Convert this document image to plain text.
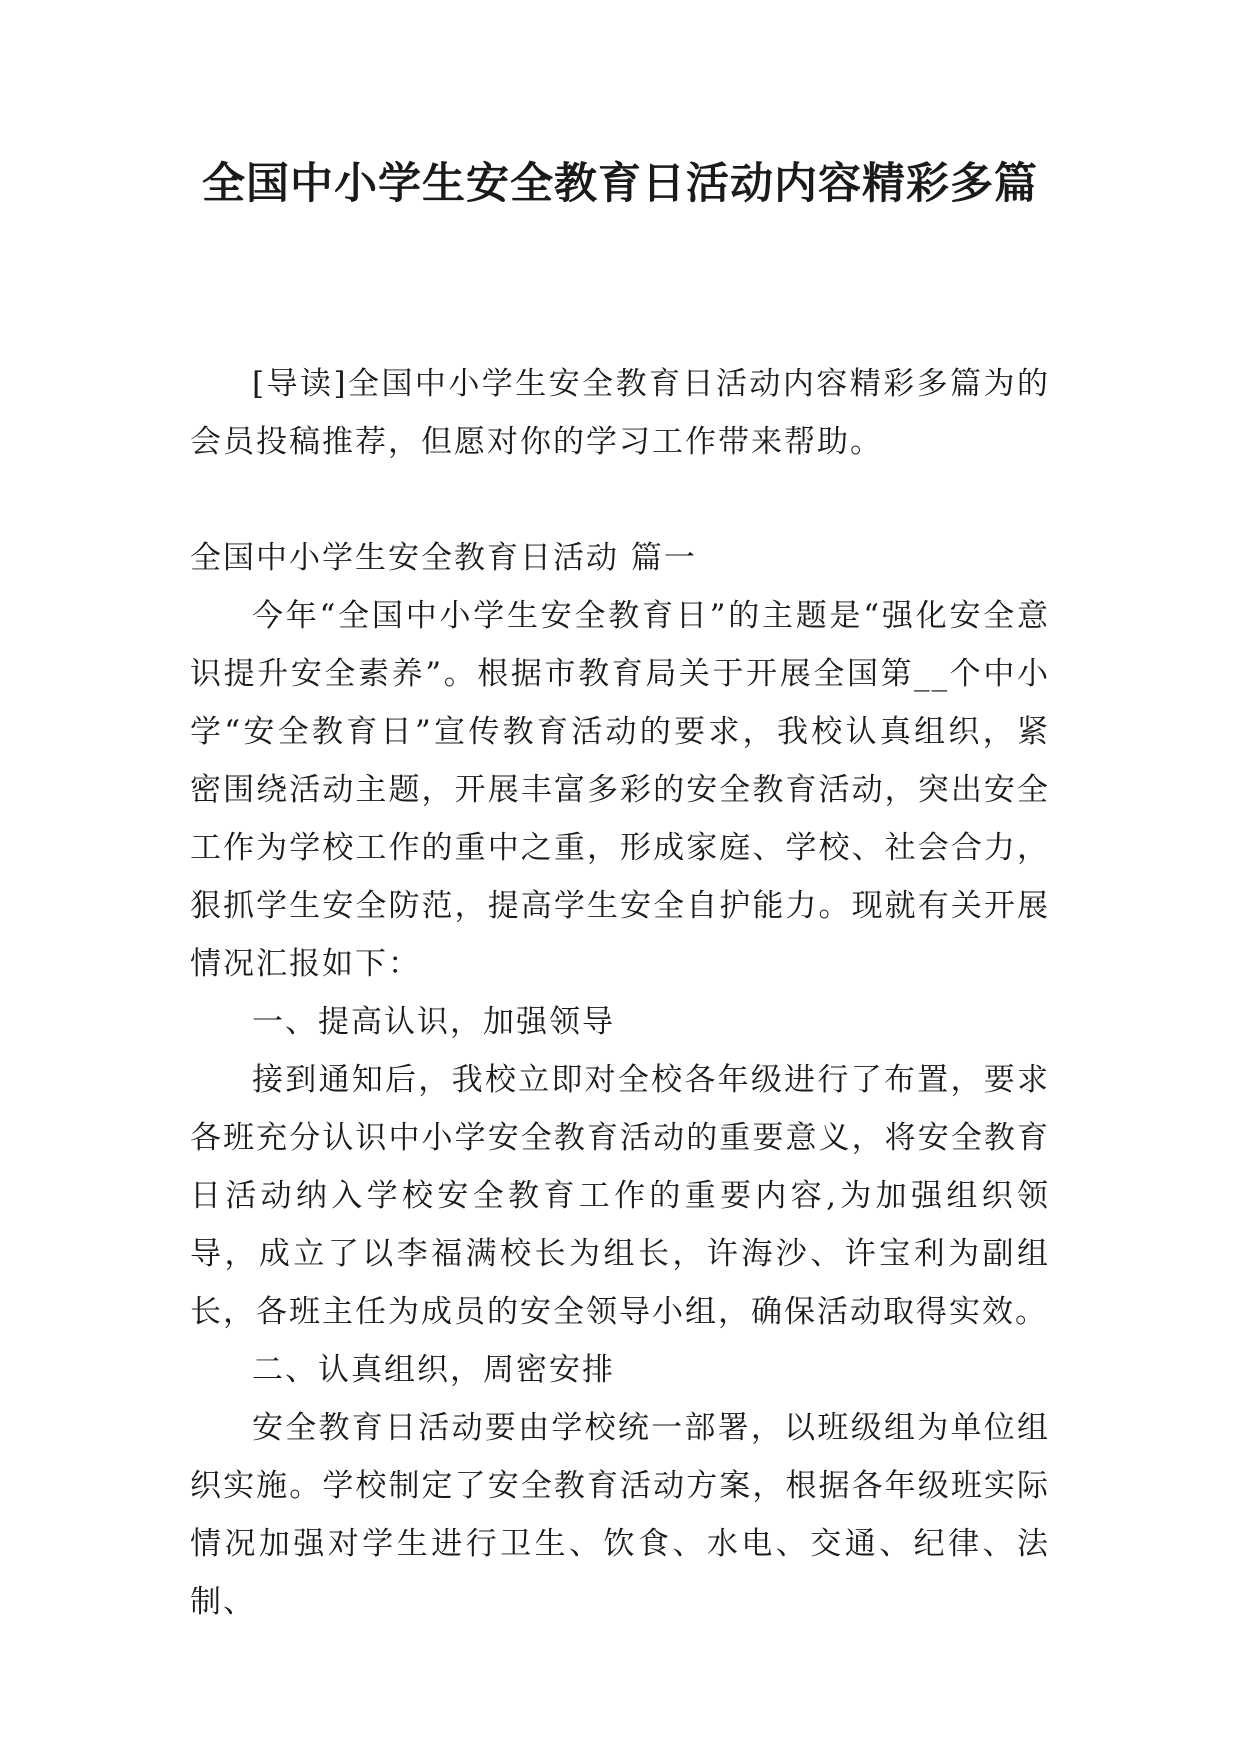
全国中小学生安全教育日活动内容精彩多篇

[导读]全国中小学生安全教育日活动内容精彩多篇为的会员投稿推荐，但愿对你的学习工作带来帮助。

全国中小学生安全教育日活动 篇一

今年“全国中小学生安全教育日”的主题是“强化安全意识提升安全素养”。根据市教育局关于开展全国第__个中小学“安全教育日”宣传教育活动的要求，我校认真组织，紧密围绕活动主题，开展丰富多彩的安全教育活动，突出安全工作为学校工作的重中之重，形成家庭、学校、社会合力，狠抓学生安全防范，提高学生安全自护能力。现就有关开展情况汇报如下：

一、提高认识，加强领导

接到通知后，我校立即对全校各年级进行了布置，要求各班充分认识中小学安全教育活动的重要意义，将安全教育日活动纳入学校安全教育工作的重要内容,为加强组织领导，成立了以李福满校长为组长，许海沙、许宝利为副组长，各班主任为成员的安全领导小组，确保活动取得实效。

二、认真组织，周密安排

安全教育日活动要由学校统一部署，以班级组为单位组织实施。学校制定了安全教育活动方案，根据各年级班实际情况加强对学生进行卫生、饮食、水电、交通、纪律、法制、
